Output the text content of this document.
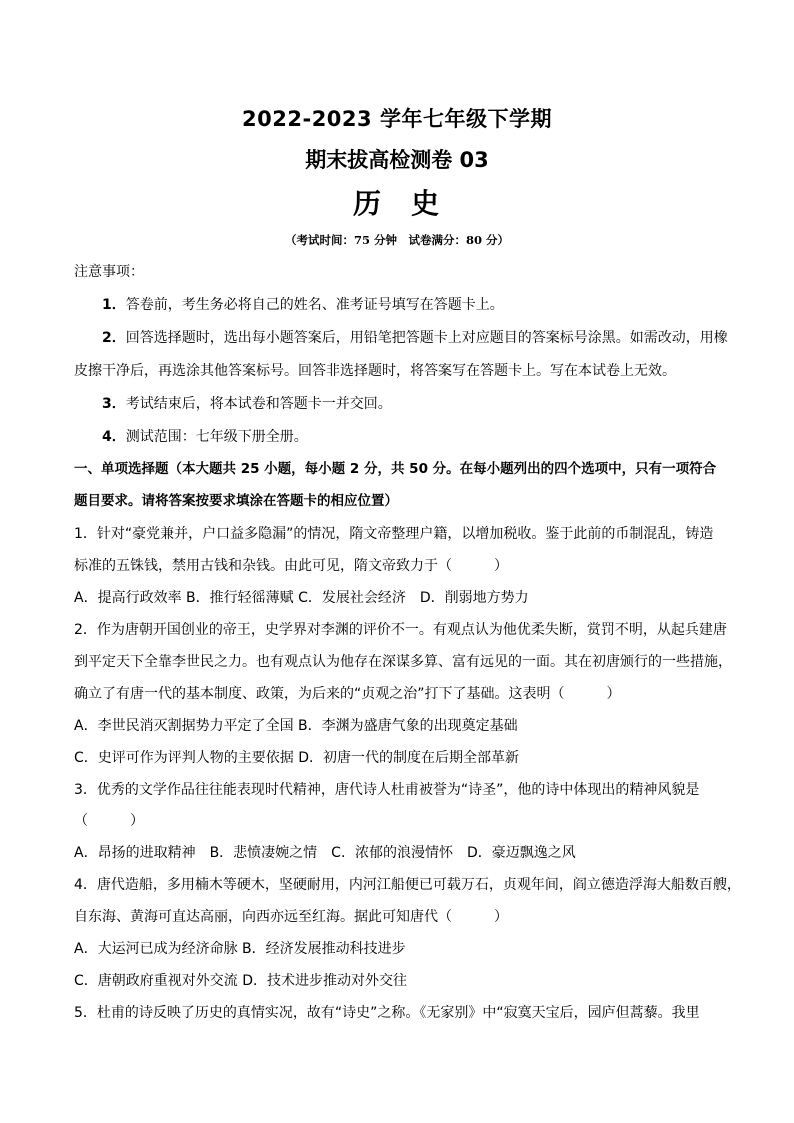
2022-2023 学年七年级下学期
期末拔高检测卷 03
历 史
（考试时间：75 分钟　试卷满分：80 分）
注意事项：
1．答卷前，考生务必将自己的姓名、准考证号填写在答题卡上。
2．回答选择题时，选出每小题答案后，用铅笔把答题卡上对应题目的答案标号涂黑。如需改动，用橡
皮擦干净后，再选涂其他答案标号。回答非选择题时，将答案写在答题卡上。写在本试卷上无效。
3．考试结束后，将本试卷和答题卡一并交回。
4．测试范围：七年级下册全册。
一、单项选择题（本大题共 25 小题，每小题 2 分，共 50 分。在每小题列出的四个选项中，只有一项符合
题目要求。请将答案按要求填涂在答题卡的相应位置）
1．针对“豪党兼并，户口益多隐漏”的情况，隋文帝整理户籍，以增加税收。鉴于此前的币制混乱，铸造
标准的五铢钱，禁用古钱和杂钱。由此可见，隋文帝致力于（　　　）
A．提高行政效率 B．推行轻徭薄赋 C．发展社会经济　D．削弱地方势力
2．作为唐朝开国创业的帝王，史学界对李渊的评价不一。有观点认为他优柔失断，赏罚不明，从起兵建唐
到平定天下全靠李世民之力。也有观点认为他存在深谋多算、富有远见的一面。其在初唐颁行的一些措施，
确立了有唐一代的基本制度、政策，为后来的“贞观之治”打下了基础。这表明（　　　）
A．李世民消灭割据势力平定了全国 B．李渊为盛唐气象的出现奠定基础
C．史评可作为评判人物的主要依据 D．初唐一代的制度在后期全部革新
3．优秀的文学作品往往能表现时代精神，唐代诗人杜甫被誉为“诗圣”，他的诗中体现出的精神风貌是
（　　　）
A．昂扬的进取精神　B．悲愤凄婉之情　C．浓郁的浪漫情怀　D．豪迈飘逸之风
4．唐代造船，多用楠木等硬木，坚硬耐用，内河江船便已可载万石，贞观年间，阎立德造浮海大船数百艘，
自东海、黄海可直达高丽，向西亦远至红海。据此可知唐代（　　　）
A．大运河已成为经济命脉 B．经济发展推动科技进步
C．唐朝政府重视对外交流 D．技术进步推动对外交往
5．杜甫的诗反映了历史的真情实况，故有“诗史”之称。《无家别》中“寂寞天宝后，园庐但蒿藜。我里
